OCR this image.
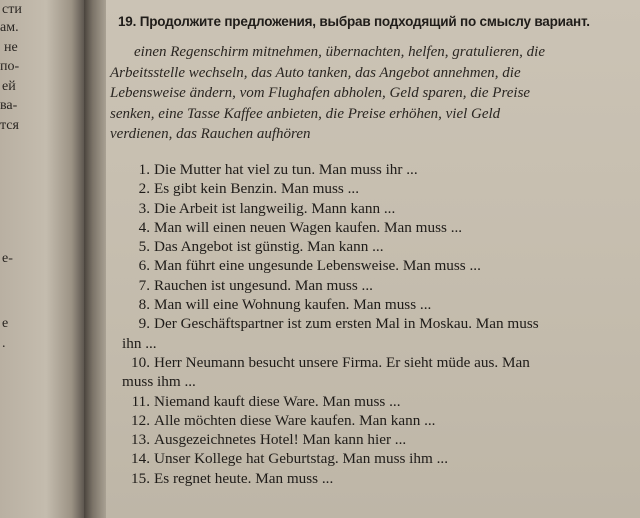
сти
ам.
не
по-
ей
ва-
тся
е-
е
.
19. Продолжите предложения, выбрав подходящий по смыслу вариант.
einen Regenschirm mitnehmen, übernachten, helfen, gratulieren, die
Arbeitsstelle wechseln, das Auto tanken, das Angebot annehmen, die
Lebensweise ändern, vom Flughafen abholen, Geld sparen, die Preise
senken, eine Tasse Kaffee anbieten, die Preise erhöhen, viel Geld
verdienen, das Rauchen aufhören
1. Die Mutter hat viel zu tun. Man muss ihr ...
2. Es gibt kein Benzin. Man muss ...
3. Die Arbeit ist langweilig. Mann kann ...
4. Man will einen neuen Wagen kaufen. Man muss ...
5. Das Angebot ist günstig. Man kann ...
6. Man führt eine ungesunde Lebensweise. Man muss ...
7. Rauchen ist ungesund. Man muss ...
8. Man will eine Wohnung kaufen. Man muss ...
9. Der Geschäftspartner ist zum ersten Mal in Moskau. Man muss
ihn ...
10. Herr Neumann besucht unsere Firma. Er sieht müde aus. Man
muss ihm ...
11. Niemand kauft diese Ware. Man muss ...
12. Alle möchten diese Ware kaufen. Man kann ...
13. Ausgezeichnetes Hotel! Man kann hier ...
14. Unser Kollege hat Geburtstag. Man muss ihm ...
15. Es regnet heute. Man muss ...
